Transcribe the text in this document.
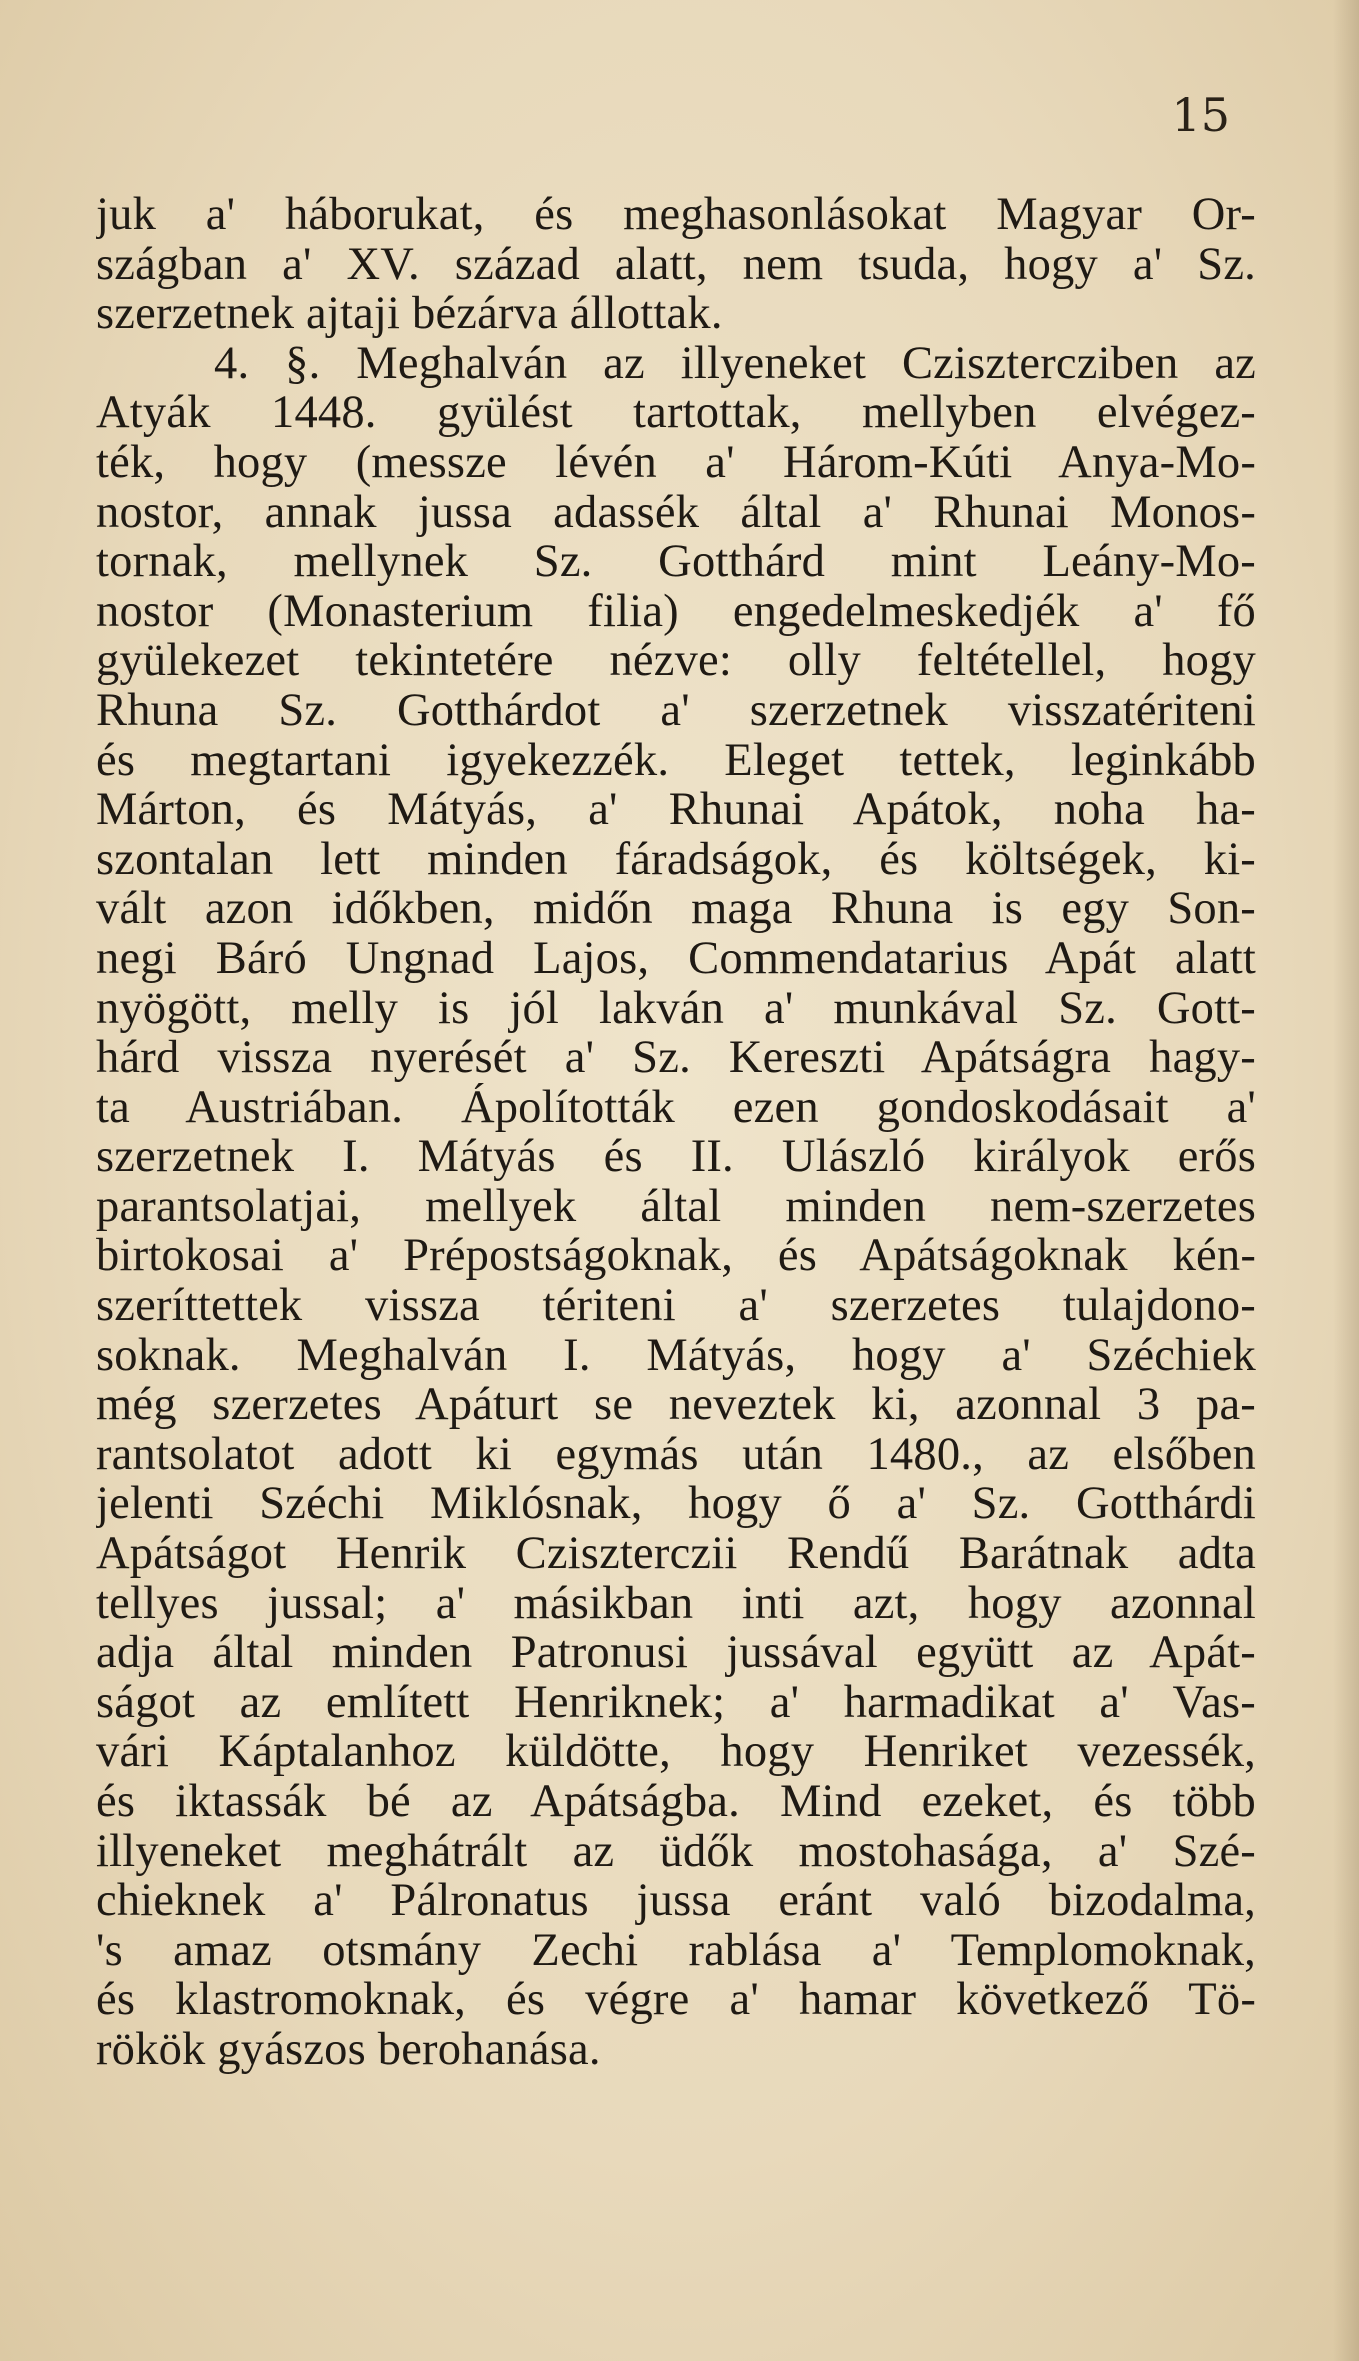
15
juk a' háborukat, és meghasonlásokat Magyar Or-
szágban a' XV. század alatt, nem tsuda, hogy a' Sz.
szerzetnek ajtaji bézárva állottak.
4. §. Meghalván az illyeneket Czisztercziben az
Atyák 1448. gyülést tartottak, mellyben elvégez-
ték, hogy (messze lévén a' Három-Kúti Anya-Mo-
nostor, annak jussa adassék által a' Rhunai Monos-
tornak, mellynek Sz. Gotthárd mint Leány-Mo-
nostor (Monasterium filia) engedelmeskedjék a' fő
gyülekezet tekintetére nézve: olly feltétellel, hogy
Rhuna Sz. Gotthárdot a' szerzetnek visszatériteni
és megtartani igyekezzék. Eleget tettek, leginkább
Márton, és Mátyás, a' Rhunai Apátok, noha ha-
szontalan lett minden fáradságok, és költségek, ki-
vált azon időkben, midőn maga Rhuna is egy Son-
negi Báró Ungnad Lajos, Commendatarius Apát alatt
nyögött, melly is jól lakván a' munkával Sz. Gott-
hárd vissza nyerését a' Sz. Kereszti Apátságra hagy-
ta Austriában. Ápolították ezen gondoskodásait a'
szerzetnek I. Mátyás és II. Ulászló királyok erős
parantsolatjai, mellyek által minden nem-szerzetes
birtokosai a' Prépostságoknak, és Apátságoknak kén-
szeríttettek vissza tériteni a' szerzetes tulajdono-
soknak. Meghalván I. Mátyás, hogy a' Széchiek
még szerzetes Apáturt se neveztek ki, azonnal 3 pa-
rantsolatot adott ki egymás után 1480., az elsőben
jelenti Széchi Miklósnak, hogy ő a' Sz. Gotthárdi
Apátságot Henrik Cziszterczii Rendű Barátnak adta
tellyes jussal; a' másikban inti azt, hogy azonnal
adja által minden Patronusi jussával együtt az Apát-
ságot az említett Henriknek; a' harmadikat a' Vas-
vári Káptalanhoz küldötte, hogy Henriket vezessék,
és iktassák bé az Apátságba. Mind ezeket, és több
illyeneket meghátrált az üdők mostohasága, a' Szé-
chieknek a' Pálronatus jussa eránt való bizodalma,
's amaz otsmány Zechi rablása a' Templomoknak,
és klastromoknak, és végre a' hamar következő Tö-
rökök gyászos berohanása.
